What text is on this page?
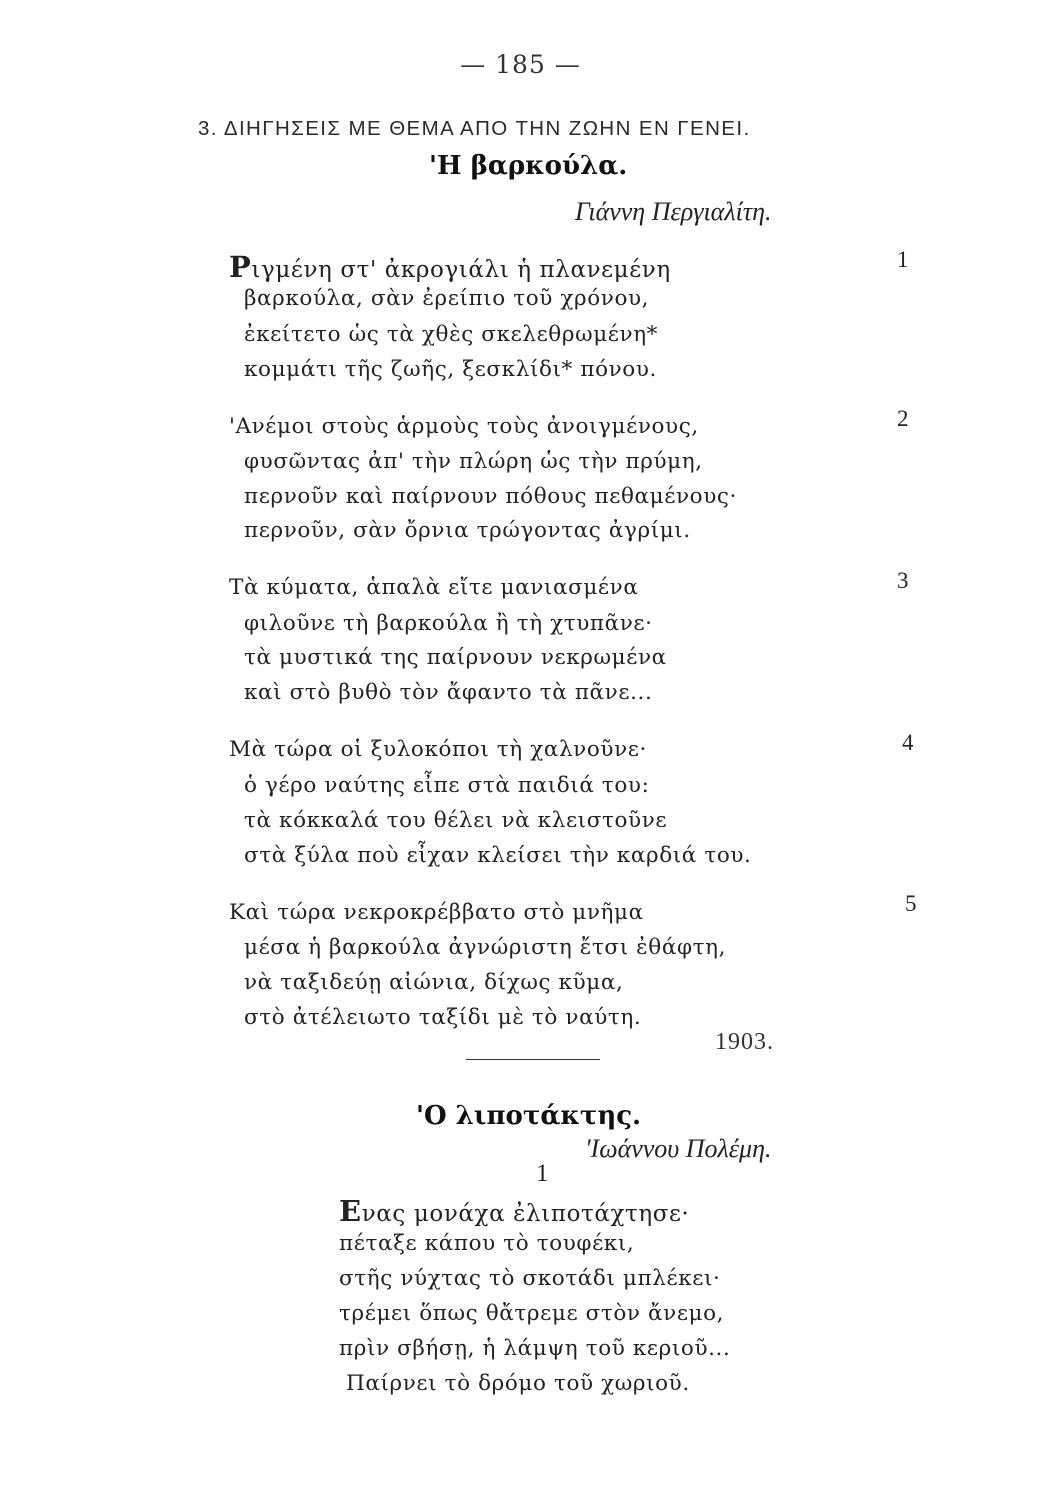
— 185 —
3. ΔΙΗΓΗΣΕΙΣ ΜΕ ΘΕΜΑ ΑΠΟ ΤΗΝ ΖΩΗΝ ΕΝ ΓΕΝΕΙ.
'Η βαρκούλα.
Γιάννη Περγιαλίτη.
Ριγμένη στ' ἀκρογιάλι ἡ πλανεμένη
βαρκούλα, σὰν ἐρείπιο τοῦ χρόνου,
ἐκείτετο ὡς τὰ χθὲς σκελεθρωμένη*
κομμάτι τῆς ζωῆς, ξεσκλίδι* πόνου.
1
'Ανέμοι στοὺς ἁρμοὺς τοὺς ἀνοιγμένους,
φυσῶντας ἀπ' τὴν πλώρη ὡς τὴν πρύμη,
περνοῦν καὶ παίρνουν πόθους πεθαμένους·
περνοῦν, σὰν ὄρνια τρώγοντας ἀγρίμι.
2
Τὰ κύματα, ἁπαλὰ εἴτε μανιασμένα
φιλοῦνε τὴ βαρκούλα ἢ τὴ χτυπᾶνε·
τὰ μυστικά της παίρνουν νεκρωμένα
καὶ στὸ βυθὸ τὸν ἄφαντο τὰ πᾶνε...
3
Μὰ τώρα οἱ ξυλοκόποι τὴ χαλνοῦνε·
ὁ γέρο ναύτης εἶπε στὰ παιδιά του:
τὰ κόκκαλά του θέλει νὰ κλειστοῦνε
στὰ ξύλα ποὺ εἶχαν κλείσει τὴν καρδιά του.
4
Καὶ τώρα νεκροκρέββατο στὸ μνῆμα
μέσα ἡ βαρκούλα ἀγνώριστη ἔτσι ἐθάφτη,
νὰ ταξιδεύῃ αἰώνια, δίχως κῦμα,
στὸ ἀτέλειωτο ταξίδι μὲ τὸ ναύτη.
5
1903.
'Ο λιποτάκτης.
'Ιωάννου Πολέμη.
1
Ενας μονάχα ἐλιποτάχτησε·
πέταξε κάπου τὸ τουφέκι,
στῆς νύχτας τὸ σκοτάδι μπλέκει·
τρέμει ὅπως θἄτρεμε στὸν ἄνεμο,
πρὶν σβήσῃ, ἡ λάμψη τοῦ κεριοῦ...
Παίρνει τὸ δρόμο τοῦ χωριοῦ.
